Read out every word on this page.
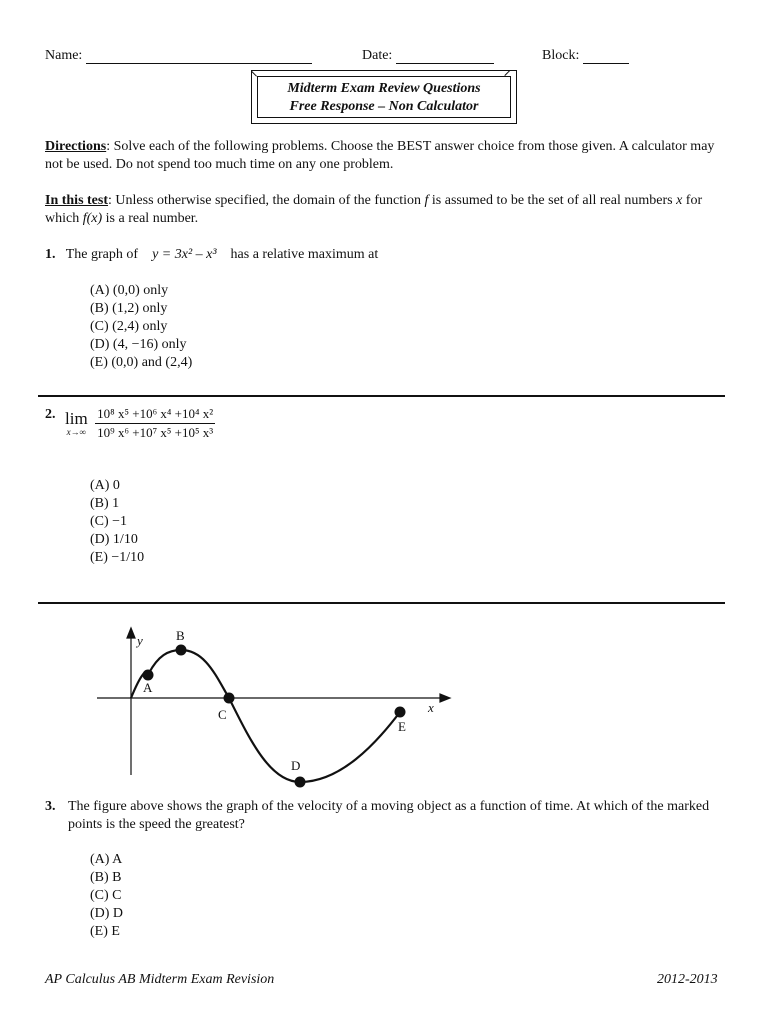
Name:	Date:	Block:
Midterm Exam Review Questions
Free Response – Non Calculator
Directions: Solve each of the following problems. Choose the BEST answer choice from those given. A calculator may not be used. Do not spend too much time on any one problem.
In this test: Unless otherwise specified, the domain of the function f is assumed to be the set of all real numbers x for which f(x) is a real number.
1. The graph of y = 3x² – x³ has a relative maximum at
(A) (0,0) only
(B) (1,2) only
(C) (2,4) only
(D) (4, −16) only
(E) (0,0) and (2,4)
2. lim
x→∞
$\frac{\text{10⁸ x⁵ +10⁶ x⁴ +10⁴ x²}}{\text{10⁹ x⁶ +10⁷ x⁵ +10⁵ x³}}$
(A) 0
(B) 1
(C) −1
(D) 1/10
(E) −1/10
y
x
A
B
C
D
E
3. The figure above shows the graph of the velocity of a moving object as a function of time. At which of the marked points is the speed the greatest?
(A) A
(B) B
(C) C
(D) D
(E) E
AP Calculus AB Midterm Exam Revision	2012-2013
